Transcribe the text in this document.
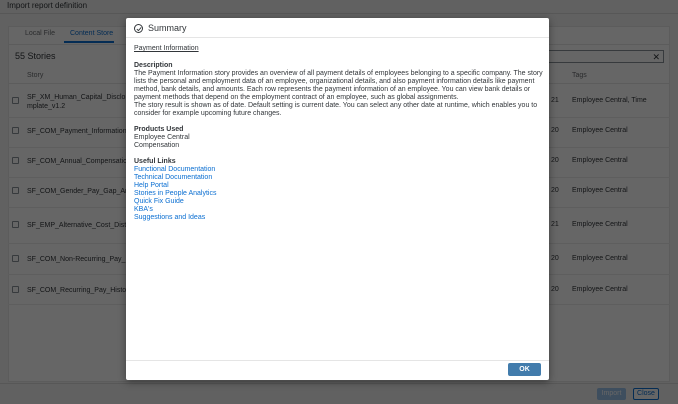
Summary
Payment Information
Description
The Payment Information story provides an overview of all payment details of employees belonging to a specific company. The story lists the personal and employment data of an employee, organizational details, and also payment information details like payment method, bank details, and amounts. Each row represents the payment information of an employee. You can view bank details or payment methods that depend on the employment contract of an employee, such as global assignments.
The story result is shown as of date. Default setting is current date. You can select any other date at runtime, which enables you to consider for example upcoming future changes.
Products Used
Employee Central
Compensation
Useful Links
Functional Documentation
Technical Documentation
Help Portal
Stories in People Analytics
Quick Fix Guide
KBA's
Suggestions and Ideas
OK
